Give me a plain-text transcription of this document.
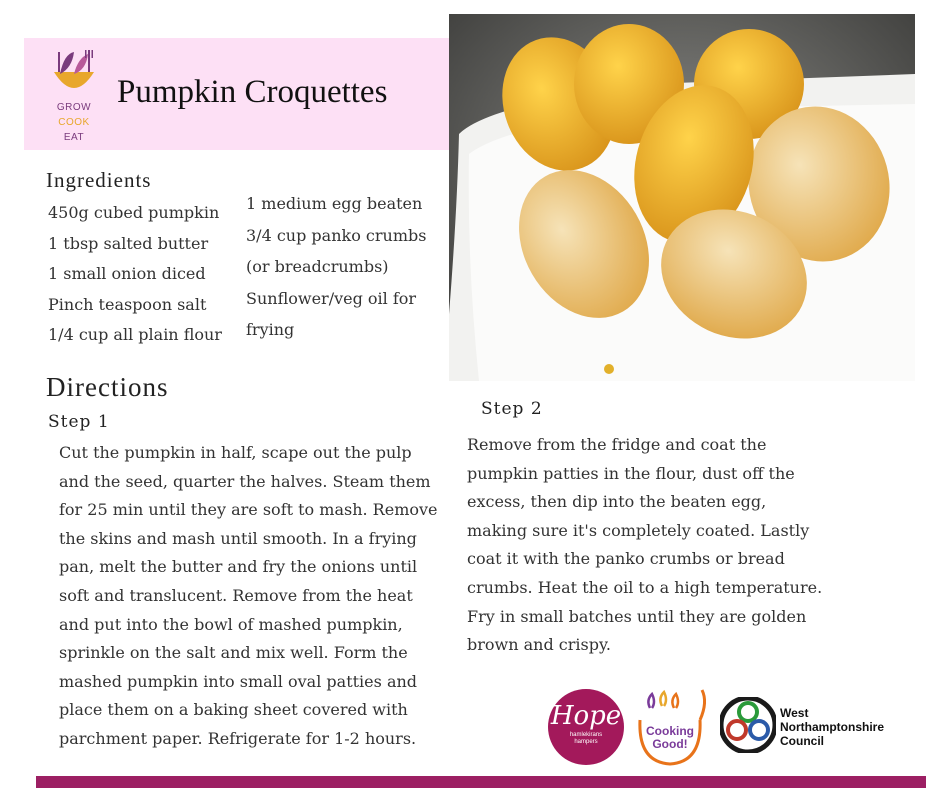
GROW
COOK
EAT
Pumpkin Croquettes
Ingredients
450g cubed pumpkin
1 tbsp salted butter
1 small onion diced
Pinch teaspoon salt
1/4 cup all plain flour
1 medium egg beaten
3/4 cup panko crumbs
(or breadcrumbs)
Sunflower/veg oil for
frying
Directions
Step 1
Cut the pumpkin in half, scape out the pulp
and the seed, quarter the halves. Steam them
for 25 min until they are soft to mash. Remove
the skins and mash until smooth. In a frying
pan, melt the butter and fry the onions until
soft and translucent. Remove from the heat
and put into the bowl of mashed pumpkin,
sprinkle on the salt and mix well. Form the
mashed pumpkin into small oval patties and
place them on a baking sheet covered with
parchment paper. Refrigerate for 1-2 hours.
Step 2
Remove from the fridge and coat the
pumpkin patties in the flour, dust off the
excess, then dip into the beaten egg,
making sure it's completely coated. Lastly
coat it with the panko crumbs or bread
crumbs. Heat the oil to a high temperature.
Fry in small batches until they are golden
brown and crispy.
Hope
hamlekirans
hampers
Cooking
Good!
West
Northamptonshire
Council
